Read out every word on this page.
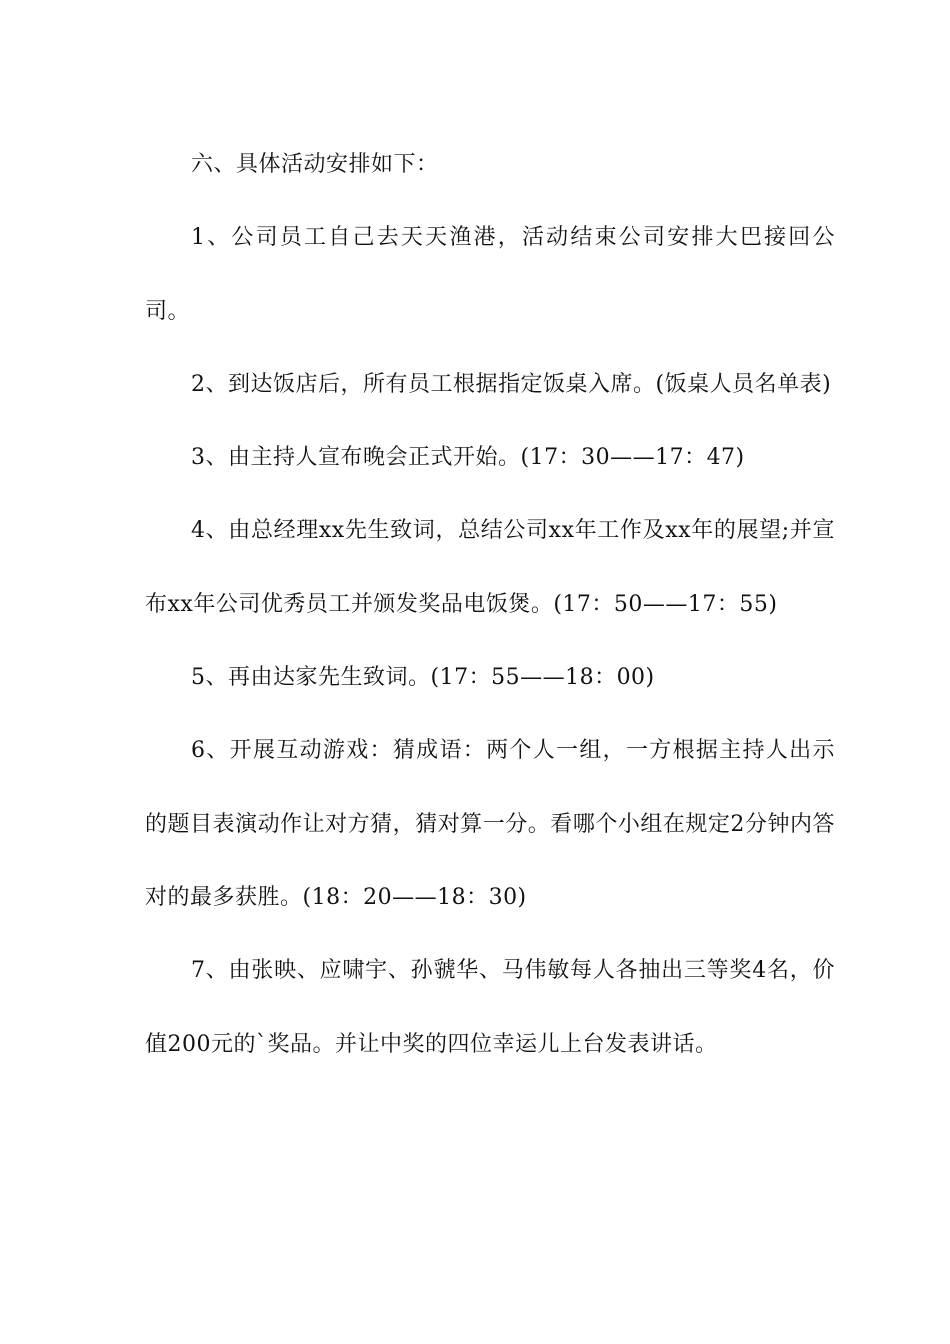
六、具体活动安排如下：

1、公司员工自己去天天渔港，活动结束公司安排大巴接回公司。

2、到达饭店后，所有员工根据指定饭桌入席。(饭桌人员名单表)

3、由主持人宣布晚会正式开始。(17：30——17：47)

4、由总经理xx先生致词，总结公司xx年工作及xx年的展望;并宣布xx年公司优秀员工并颁发奖品电饭煲。(17：50——17：55)

5、再由达家先生致词。(17：55——18：00)

6、开展互动游戏：猜成语：两个人一组，一方根据主持人出示的题目表演动作让对方猜，猜对算一分。看哪个小组在规定2分钟内答对的最多获胜。(18：20——18：30)

7、由张映、应啸宇、孙虢华、马伟敏每人各抽出三等奖4名，价值200元的`奖品。并让中奖的四位幸运儿上台发表讲话。
